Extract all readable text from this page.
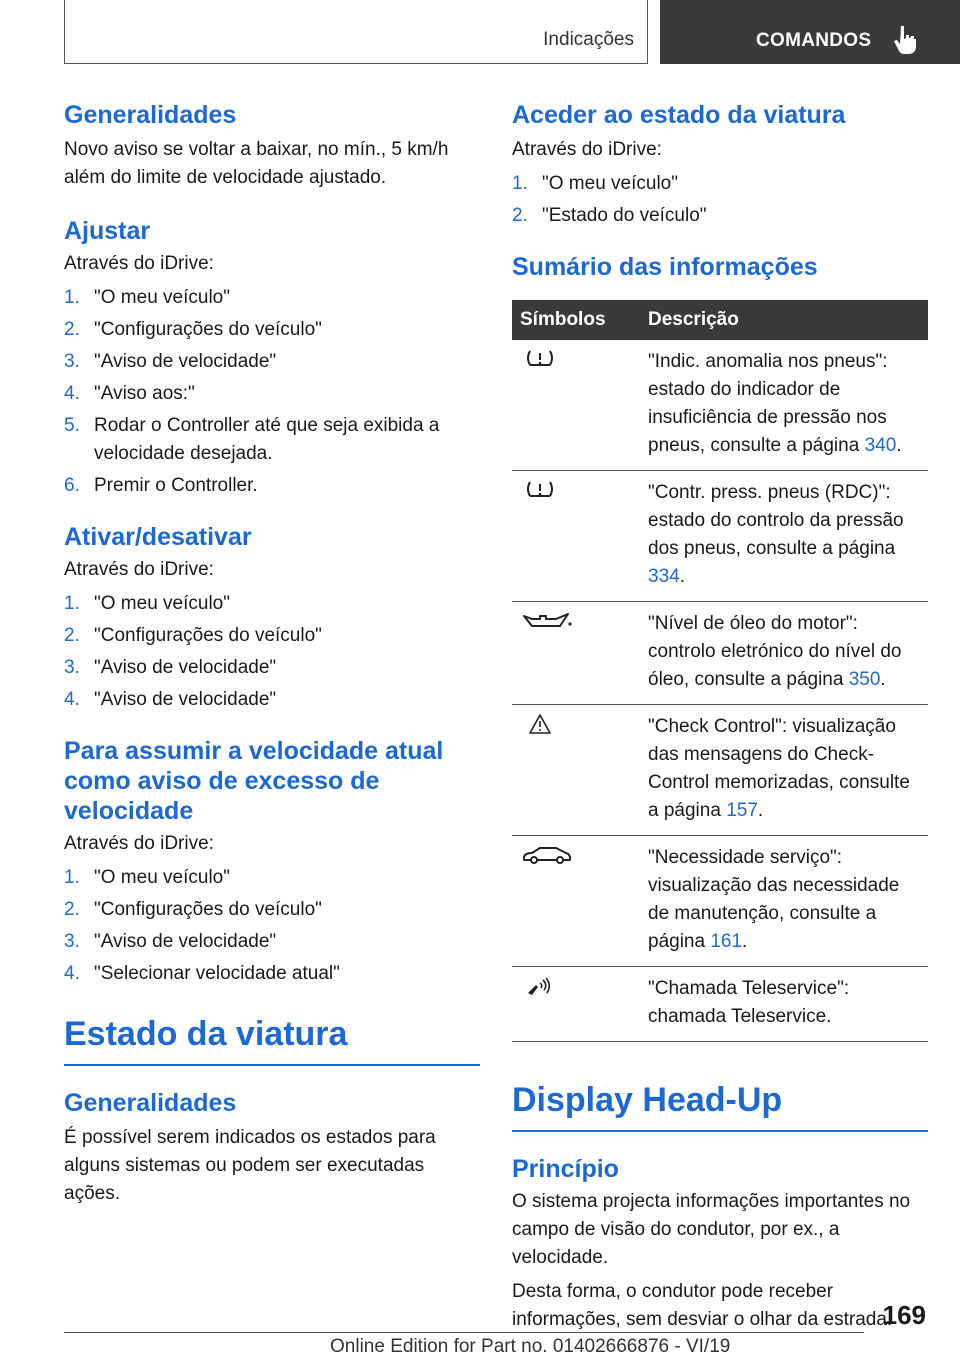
Indicações	COMANDOS
Generalidades

Novo aviso se voltar a baixar, no mín., 5 km/h além do limite de velocidade ajustado.

Ajustar

Através do iDrive:

1. "O meu veículo"
2. "Configurações do veículo"
3. "Aviso de velocidade"
4. "Aviso aos:"
5. Rodar o Controller até que seja exibida a velocidade desejada.
6. Premir o Controller.
Ativar/desativar

Através do iDrive:

1. "O meu veículo"
2. "Configurações do veículo"
3. "Aviso de velocidade"
4. "Aviso de velocidade"
Para assumir a velocidade atual como aviso de excesso de velocidade

Através do iDrive:

1. "O meu veículo"
2. "Configurações do veículo"
3. "Aviso de velocidade"
4. "Selecionar velocidade atual"
Estado da viatura
Generalidades

É possível serem indicados os estados para alguns sistemas ou podem ser executadas ações.

Aceder ao estado da viatura

Através do iDrive:

1. "O meu veículo"
2. "Estado do veículo"
Sumário das informações
Símbolos	Descrição
	"Indic. anomalia nos pneus": estado do indicador de insuficiência de pressão nos pneus, consulte a página 340.
	"Contr. press. pneus (RDC)": estado do controlo da pressão dos pneus, consulte a página 334.
	"Nível de óleo do motor": controlo eletrónico do nível do óleo, consulte a página 350.
	"Check Control": visualização das mensagens do Check-Control memorizadas, consulte a página 157.
	"Necessidade serviço": visualização das necessidade de manutenção, consulte a página 161.
	"Chamada Teleservice": chamada Teleservice.
Display Head-Up
Princípio

O sistema projecta informações importantes no campo de visão do condutor, por ex., a velocidade.

Desta forma, o condutor pode receber informações, sem desviar o olhar da estrada.

169
Online Edition for Part no. 01402666876 - VI/19
